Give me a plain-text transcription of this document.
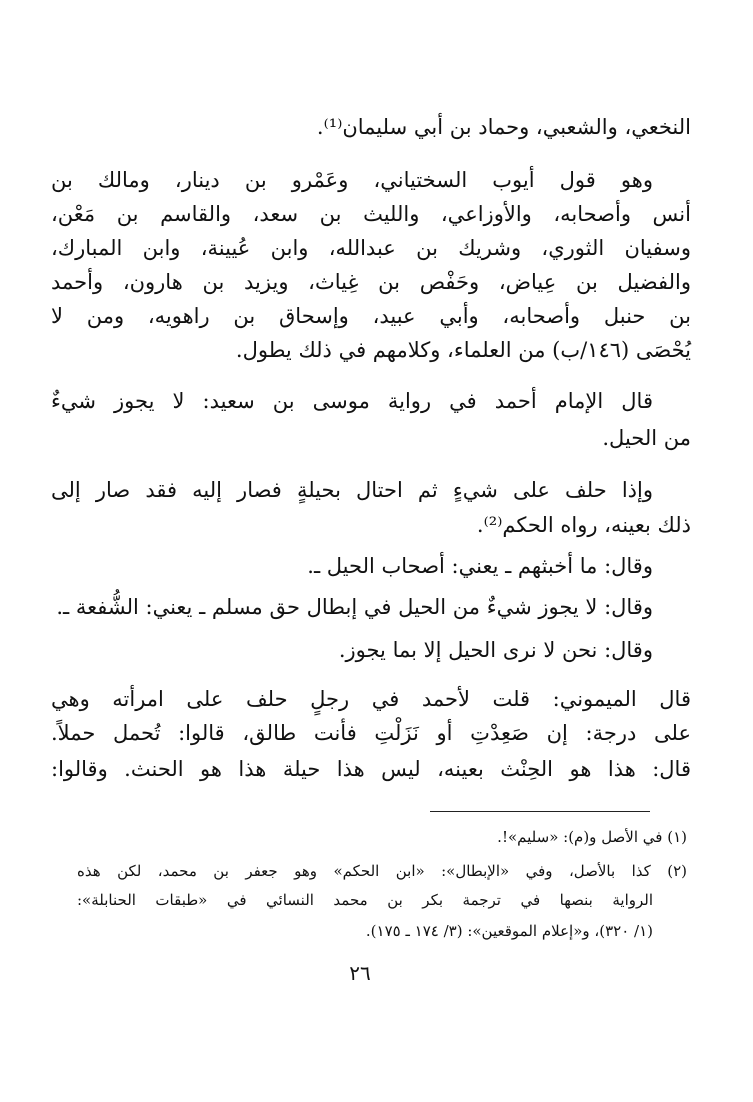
النخعي، والشعبي، وحماد بن أبي سليمان⁽¹⁾.
وهو قول أيوب السختياني، وعَمْرو بن دينار، ومالك بن
أنس وأصحابه، والأوزاعي، والليث بن سعد، والقاسم بن مَعْن،
وسفيان الثوري، وشريك بن عبدالله، وابن عُيينة، وابن المبارك،
والفضيل بن عِياض، وحَفْص بن غِياث، ويزيد بن هارون، وأحمد
بن حنبل وأصحابه، وأبي عبيد، وإسحاق بن راهويه، ومن لا
يُحْصَى (١٤٦/ب) من العلماء، وكلامهم في ذلك يطول.
قال الإمام أحمد في رواية موسى بن سعيد: لا يجوز شيءٌ
من الحيل.
وإذا حلف على شيءٍ ثم احتال بحيلةٍ فصار إليه فقد صار إلى
ذلك بعينه، رواه الحكم⁽²⁾.
وقال: ما أخبثهم ـ يعني: أصحاب الحيل ـ.
وقال: لا يجوز شيءٌ من الحيل في إبطال حق مسلم ـ يعني: الشُّفعة ـ.
وقال: نحن لا نرى الحيل إلا بما يجوز.
قال الميموني: قلت لأحمد في رجلٍ حلف على امرأته وهي
على درجة: إن صَعِدْتِ أو نَزَلْتِ فأنت طالق، قالوا: تُحمل حملاً.
قال: هذا هو الحِنْث بعينه، ليس هذا حيلة هذا هو الحنث. وقالوا:
(١) في الأصل و(م): «سليم»!.
(٢) كذا بالأصل، وفي «الإبطال»: «ابن الحكم» وهو جعفر بن محمد، لكن هذه
الرواية بنصها في ترجمة بكر بن محمد النسائي في «طبقات الحنابلة»:
(١/ ٣٢٠)، و«إعلام الموقعين»: (٣/ ١٧٤ ـ ١٧٥).
٢٦
